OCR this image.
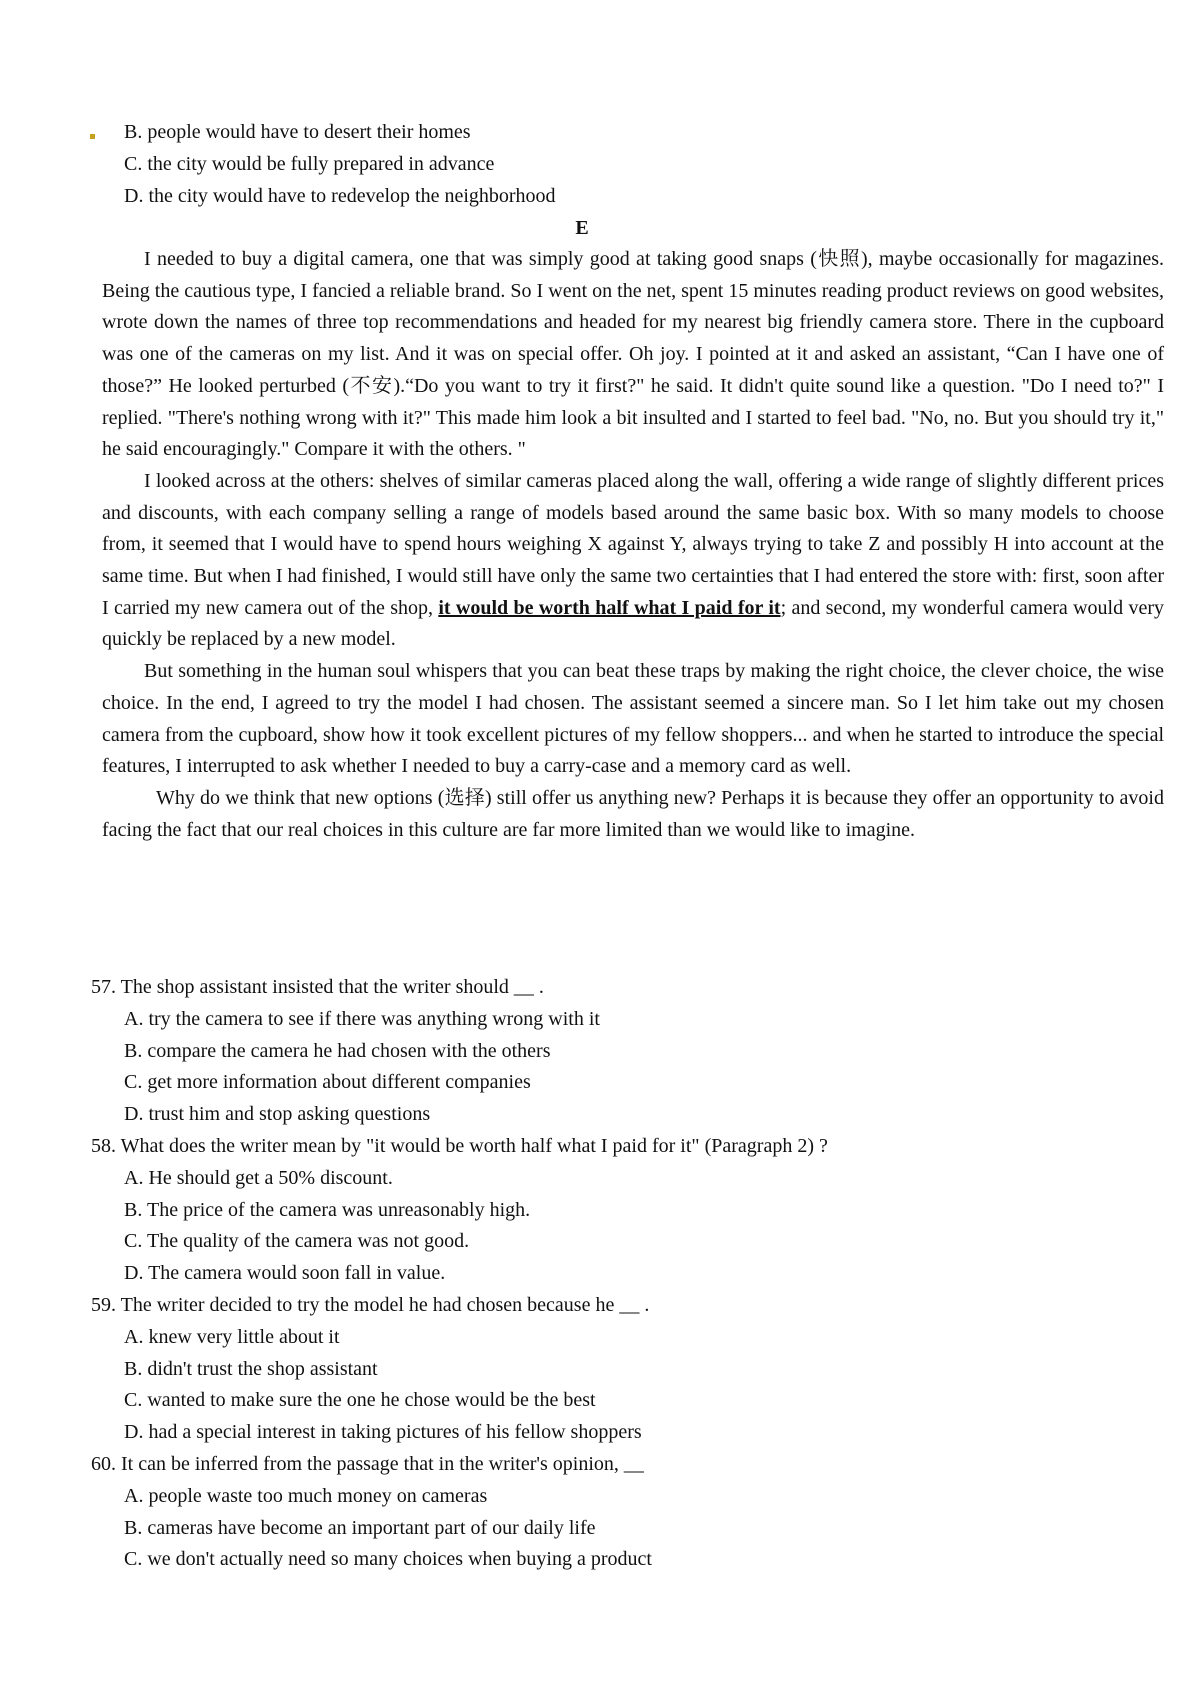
B. people would have to desert their homes
C. the city would be fully prepared in advance
D. the city would have to redevelop the neighborhood
E

I needed to buy a digital camera, one that was simply good at taking good snaps (快照), maybe occasionally for magazines. Being the cautious type, I fancied a reliable brand. So I went on the net, spent 15 minutes reading product reviews on good websites, wrote down the names of three top recommendations and headed for my nearest big friendly camera store. There in the cupboard was one of the cameras on my list. And it was on special offer. Oh joy. I pointed at it and asked an assistant, “Can I have one of those?” He looked perturbed (不安).“Do you want to try it first?" he said. It didn't quite sound like a question. "Do I need to?" I replied. "There's nothing wrong with it?" This made him look a bit insulted and I started to feel bad. "No, no. But you should try it," he said encouragingly." Compare it with the others. "

I looked across at the others: shelves of similar cameras placed along the wall, offering a wide range of slightly different prices and discounts, with each company selling a range of models based around the same basic box. With so many models to choose from, it seemed that I would have to spend hours weighing X against Y, always trying to take Z and possibly H into account at the same time. But when I had finished, I would still have only the same two certainties that I had entered the store with: first, soon after I carried my new camera out of the shop, it would be worth half what I paid for it; and second, my wonderful camera would very quickly be replaced by a new model.

But something in the human soul whispers that you can beat these traps by making the right choice, the clever choice, the wise choice. In the end, I agreed to try the model I had chosen. The assistant seemed a sincere man. So I let him take out my chosen camera from the cupboard, show how it took excellent pictures of my fellow shoppers... and when he started to introduce the special features, I interrupted to ask whether I needed to buy a carry-case and a memory card as well.

Why do we think that new options (选择) still offer us anything new? Perhaps it is because they offer an opportunity to avoid facing the fact that our real choices in this culture are far more limited than we would like to imagine.

57. The shop assistant insisted that the writer should __ .
A. try the camera to see if there was anything wrong with it
B. compare the camera he had chosen with the others
C. get more information about different companies
D. trust him and stop asking questions
58. What does the writer mean by "it would be worth half what I paid for it" (Paragraph 2) ?
A. He should get a 50% discount.
B. The price of the camera was unreasonably high.
C. The quality of the camera was not good.
D. The camera would soon fall in value.
59. The writer decided to try the model he had chosen because he __ .
A. knew very little about it
B. didn't trust the shop assistant
C. wanted to make sure the one he chose would be the best
D. had a special interest in taking pictures of his fellow shoppers
60. It can be inferred from the passage that in the writer's opinion, __
A. people waste too much money on cameras
B. cameras have become an important part of our daily life
C. we don't actually need so many choices when buying a product
